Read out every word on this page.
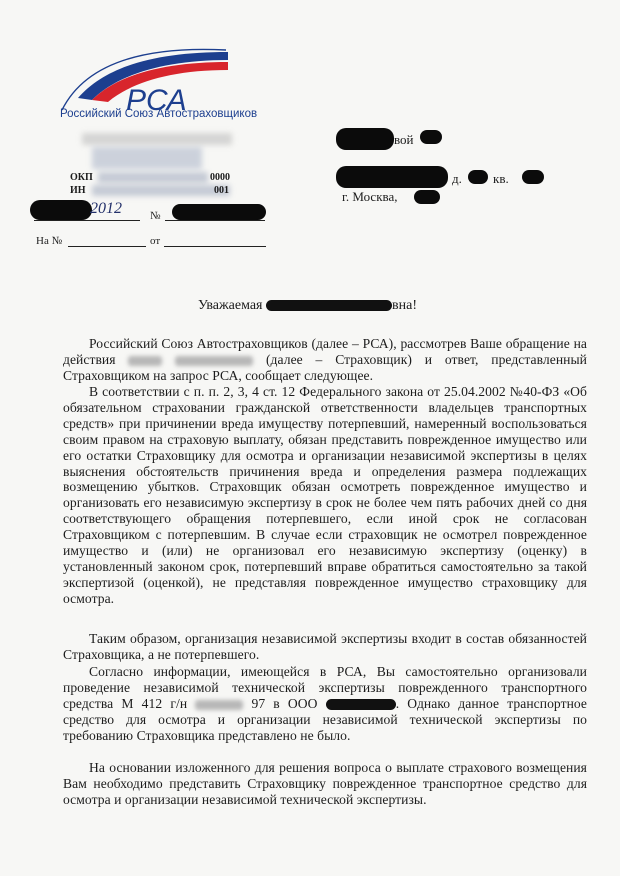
РСА
Российский Союз Автостраховщиков
ОКП	0000
ИН	001
2012	№
На №	от
вой
д. кв.
г. Москва,
Уважаемая	вна!
Российский Союз Автостраховщиков (далее – РСА), рассмотрев Ваше обращение на действия	(далее – Страховщик) и ответ, представленный Страховщиком на запрос РСА, сообщает следующее.
В соответствии с п. п. 2, 3, 4 ст. 12 Федерального закона от 25.04.2002 №40-ФЗ «Об обязательном страховании гражданской ответственности владельцев транспортных средств» при причинении вреда имуществу потерпевший, намеренный воспользоваться своим правом на страховую выплату, обязан представить поврежденное имущество или его остатки Страховщику для осмотра и организации независимой экспертизы в целях выяснения обстоятельств причинения вреда и определения размера подлежащих возмещению убытков. Страховщик обязан осмотреть поврежденное имущество и организовать его независимую экспертизу в срок не более чем пять рабочих дней со дня соответствующего обращения потерпевшего, если иной срок не согласован Страховщиком с потерпевшим. В случае если страховщик не осмотрел поврежденное имущество и (или) не организовал его независимую экспертизу (оценку) в установленный законом срок, потерпевший вправе обратиться самостоятельно за такой экспертизой (оценкой), не представляя поврежденное имущество страховщику для осмотра.
Таким образом, организация независимой экспертизы входит в состав обязанностей Страховщика, а не потерпевшего.
Согласно информации, имеющейся в РСА, Вы самостоятельно организовали проведение независимой технической экспертизы поврежденного транспортного средства М 412 г/н	97 в ООО	. Однако данное транспортное средство для осмотра и организации независимой технической экспертизы по требованию Страховщика представлено не было.
На основании изложенного для решения вопроса о выплате страхового возмещения Вам необходимо представить Страховщику поврежденное транспортное средство для осмотра и организации независимой технической экспертизы.
